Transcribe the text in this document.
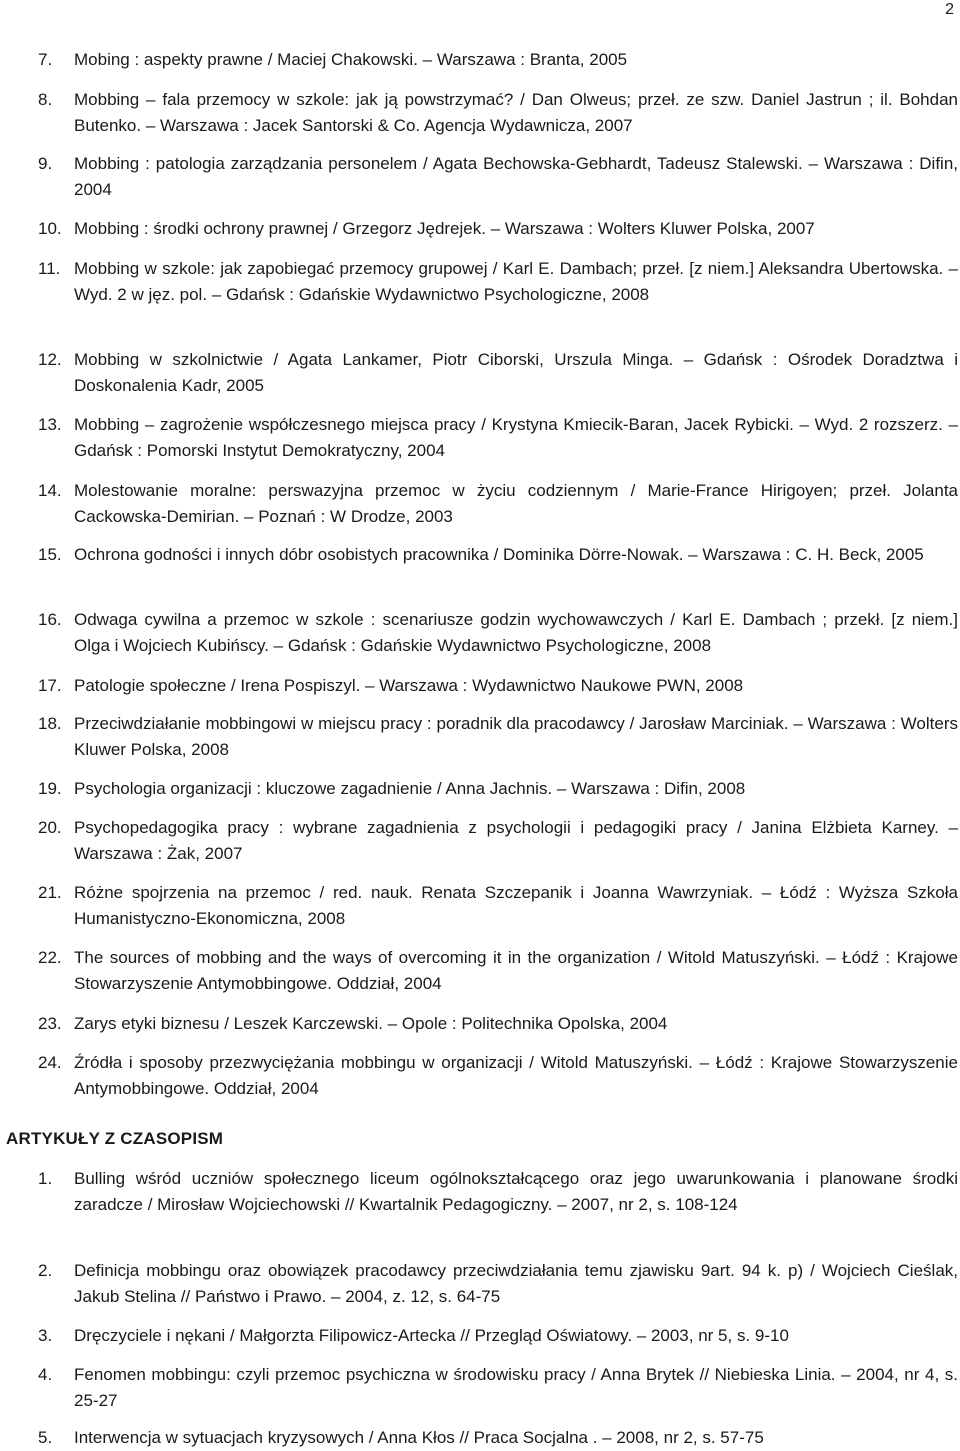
2
7. Mobing : aspekty prawne / Maciej Chakowski. – Warszawa : Branta, 2005
8. Mobbing – fala przemocy w szkole: jak ją powstrzymać? / Dan Olweus; przeł. ze szw. Daniel Jastrun ; il. Bohdan Butenko. – Warszawa : Jacek Santorski & Co. Agencja Wydawnicza, 2007
9. Mobbing : patologia zarządzania personelem / Agata Bechowska-Gebhardt, Tadeusz Stalewski. – Warszawa : Difin, 2004
10. Mobbing : środki ochrony prawnej / Grzegorz Jędrejek. – Warszawa : Wolters Kluwer Polska, 2007
11. Mobbing w szkole: jak zapobiegać przemocy grupowej / Karl E. Dambach; przeł. [z niem.] Aleksandra Ubertowska. – Wyd. 2 w jęz. pol. – Gdańsk : Gdańskie Wydawnictwo Psychologiczne, 2008
12. Mobbing w szkolnictwie / Agata Lankamer, Piotr Ciborski, Urszula Minga. – Gdańsk : Ośrodek Doradztwa i Doskonalenia Kadr, 2005
13. Mobbing – zagrożenie współczesnego miejsca pracy / Krystyna Kmiecik-Baran, Jacek Rybicki. – Wyd. 2 rozszerz. – Gdańsk : Pomorski Instytut Demokratyczny, 2004
14. Molestowanie moralne: perswazyjna przemoc w życiu codziennym / Marie-France Hirigoyen; przeł. Jolanta Cackowska-Demirian. – Poznań : W Drodze, 2003
15. Ochrona godności i innych dóbr osobistych pracownika / Dominika Dörre-Nowak. – Warszawa : C. H. Beck, 2005
16. Odwaga cywilna a przemoc w szkole : scenariusze godzin wychowawczych / Karl E. Dambach ; przekł. [z niem.] Olga i Wojciech Kubińscy. – Gdańsk : Gdańskie Wydawnictwo Psychologiczne, 2008
17. Patologie społeczne / Irena Pospiszyl. – Warszawa : Wydawnictwo Naukowe PWN, 2008
18. Przeciwdziałanie mobbingowi w miejscu pracy : poradnik dla pracodawcy / Jarosław Marciniak. – Warszawa : Wolters Kluwer Polska, 2008
19. Psychologia organizacji : kluczowe zagadnienie / Anna Jachnis. – Warszawa : Difin, 2008
20. Psychopedagogika pracy : wybrane zagadnienia z psychologii i pedagogiki pracy / Janina Elżbieta Karney. – Warszawa : Żak, 2007
21. Różne spojrzenia na przemoc / red. nauk. Renata Szczepanik i Joanna Wawrzyniak. – Łódź : Wyższa Szkoła Humanistyczno-Ekonomiczna, 2008
22. The sources of mobbing and the ways of overcoming it in the organization / Witold Matuszyński. – Łódź : Krajowe Stowarzyszenie Antymobbingowe. Oddział, 2004
23. Zarys etyki biznesu / Leszek Karczewski. – Opole : Politechnika Opolska, 2004
24. Źródła i sposoby przezwyciężania mobbingu w organizacji / Witold Matuszyński. – Łódź : Krajowe Stowarzyszenie Antymobbingowe. Oddział, 2004
ARTYKUŁY Z CZASOPISM
1. Bulling wśród uczniów społecznego liceum ogólnokształcącego oraz jego uwarunkowania i planowane środki zaradcze / Mirosław Wojciechowski // Kwartalnik Pedagogiczny. – 2007, nr 2, s. 108-124
2. Definicja mobbingu oraz obowiązek pracodawcy przeciwdziałania temu zjawisku 9art. 94 k. p) / Wojciech Cieślak, Jakub Stelina // Państwo i Prawo. – 2004, z. 12, s. 64-75
3. Dręczyciele i nękani / Małgorzta Filipowicz-Artecka // Przegląd Oświatowy. – 2003, nr 5, s. 9-10
4. Fenomen mobbingu: czyli przemoc psychiczna w środowisku pracy / Anna Brytek // Niebieska Linia. – 2004, nr 4, s. 25-27
5. Interwencja w sytuacjach kryzysowych / Anna Kłos // Praca Socjalna . – 2008, nr 2, s. 57-75
